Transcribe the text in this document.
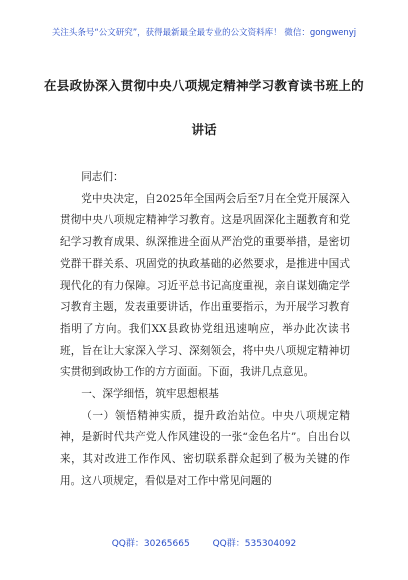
关注头条号“公文研究”，获得最新最全最专业的公文资料库！ 微信：gongwenyj
在县政协深入贯彻中央八项规定精神学习教育读书班上的
讲话

同志们：

党中央决定，自2025年全国两会后至7月在全党开展深入贯彻中央八项规定精神学习教育。这是巩固深化主题教育和党纪学习教育成果、纵深推进全面从严治党的重要举措，是密切党群干群关系、巩固党的执政基础的必然要求，是推进中国式现代化的有力保障。习近平总书记高度重视，亲自谋划确定学习教育主题，发表重要讲话，作出重要指示，为开展学习教育指明了方向。我们XX县政协党组迅速响应，举办此次读书班，旨在让大家深入学习、深刻领会，将中央八项规定精神切实贯彻到政协工作的方方面面。下面，我讲几点意见。

一、深学细悟，筑牢思想根基

（一）领悟精神实质，提升政治站位。中央八项规定精神，是新时代共产党人作风建设的一张“金色名片”。自出台以来，其对改进工作作风、密切联系群众起到了极为关键的作用。这八项规定，看似是对工作中常见问题的

QQ群：30265665	QQ群：535304092
